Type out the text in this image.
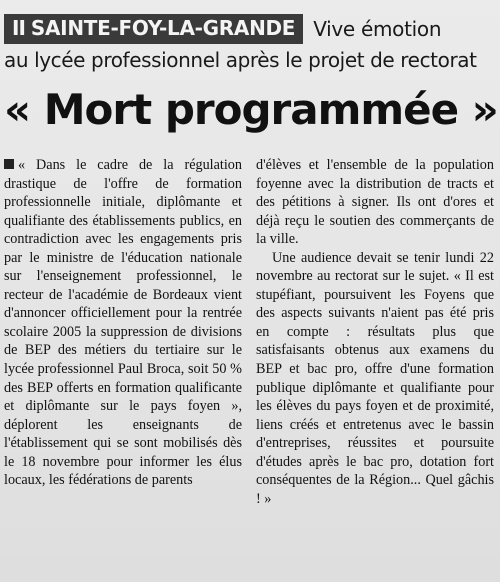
II SAINTE-FOY-LA-GRANDE Vive émotion
au lycée professionnel après le projet de rectorat
« Mort programmée »

« Dans le cadre de la régulation drastique de l'offre de formation professionnelle initiale, diplômante et qualifiante des établissements publics, en contradiction avec les engagements pris par le ministre de l'éducation nationale sur l'enseignement professionnel, le recteur de l'académie de Bordeaux vient d'annoncer officiellement pour la rentrée scolaire 2005 la suppression de divisions de BEP des métiers du tertiaire sur le lycée professionnel Paul Broca, soit 50 % des BEP offerts en formation qualificante et diplômante sur le pays foyen », déplorent les enseignants de l'établissement qui se sont mobilisés dès le 18 novembre pour informer les élus locaux, les fédérations de parents

d'élèves et l'ensemble de la population foyenne avec la distribution de tracts et des pétitions à signer. Ils ont d'ores et déjà reçu le soutien des commerçants de la ville.

Une audience devait se tenir lundi 22 novembre au rectorat sur le sujet. « Il est stupéfiant, poursuivent les Foyens que des aspects suivants n'aient pas été pris en compte : résultats plus que satisfaisants obtenus aux examens du BEP et bac pro, offre d'une formation publique diplômante et qualifiante pour les élèves du pays foyen et de proximité, liens créés et entretenus avec le bassin d'entreprises, réussites et poursuite d'études après le bac pro, dotation fort conséquentes de la Région... Quel gâchis ! »
